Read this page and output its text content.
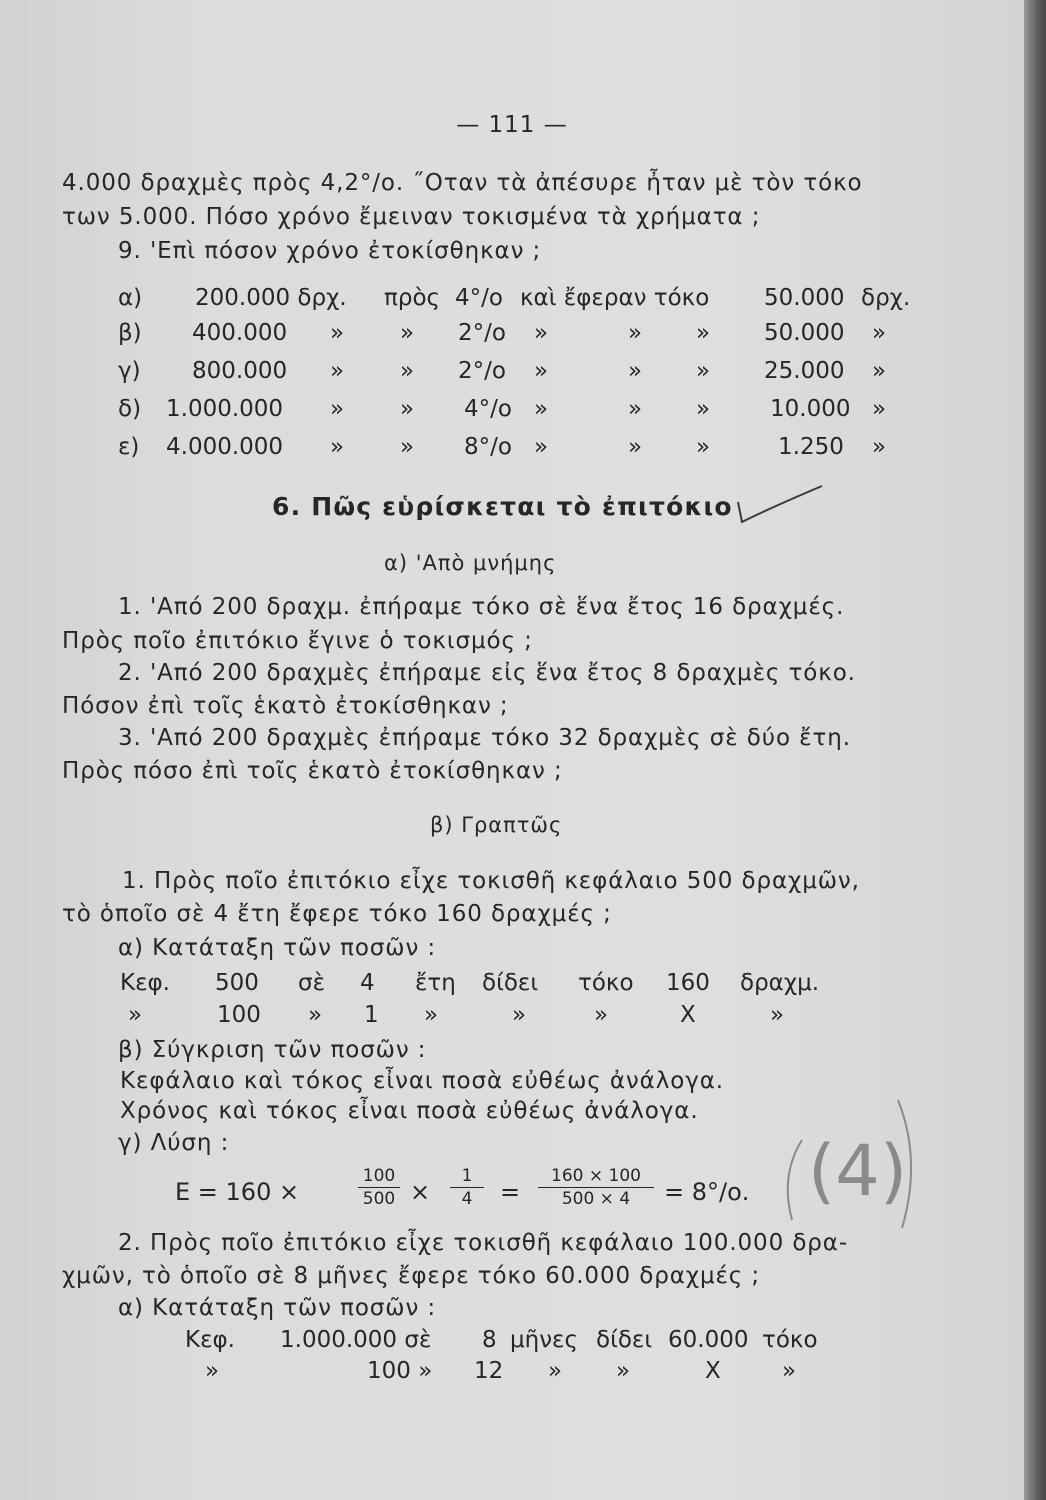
— 111 —
4.000 δραχμὲς πρὸς 4,2°/ο. ˝Οταν τὰ ἀπέσυρε ἦταν μὲ τὸν τόκο
των 5.000. Πόσο χρόνο ἔμειναν τοκισμένα τὰ χρήματα ;
9. 'Επὶ πόσον χρόνο ἐτοκίσθηκαν ;
α) 200.000 δρχ. πρὸς 4°/ο καὶ ἔφεραν τόκο 50.000 δρχ.
β) 400.000 » » 2°/ο »	» » 50.000 »
γ) 800.000 » » 2°/ο »	» » 25.000 »
δ) 1.000.000 » » 4°/ο »	» »	10.000 »
ε) 4.000.000 » » 8°/ο »	» »	1.250 »
6. Πῶς εὑρίσκεται τὸ ἐπιτόκιο
α) 'Απὸ μνήμης
1. 'Από 200 δραχμ. ἐπήραμε τόκο σὲ ἕνα ἔτος 16 δραχμές.
Πρὸς ποῖο ἐπιτόκιο ἔγινε ὁ τοκισμός ;
2. 'Από 200 δραχμὲς ἐπήραμε εἰς ἕνα ἔτος 8 δραχμὲς τόκο.
Πόσον ἐπὶ τοῖς ἑκατὸ ἐτοκίσθηκαν ;
3. 'Από 200 δραχμὲς ἐπήραμε τόκο 32 δραχμὲς σὲ δύο ἔτη.
Πρὸς πόσο ἐπὶ τοῖς ἑκατὸ ἐτοκίσθηκαν ;
β) Γραπτῶς
1. Πρὸς ποῖο ἐπιτόκιο εἶχε τοκισθῆ κεφάλαιο 500 δραχμῶν,
τὸ ὁποῖο σὲ 4 ἔτη ἔφερε τόκο 160 δραχμές ;
α) Κατάταξη τῶν ποσῶν :
Κεφ. 500 σὲ 4 ἔτη δίδει τόκο 160 δραχμ.
»	100 » 1 »	»	»	X	»
β) Σύγκριση τῶν ποσῶν :
Κεφάλαιο καὶ τόκος εἶναι ποσὰ εὐθέως ἀνάλογα.
Χρόνος καὶ τόκος εἶναι ποσὰ εὐθέως ἀνάλογα.
γ) Λύση :
Ε = 160 ×
100
500 ×
1
4	=
160 × 100
500 × 4	= 8°/ο. (4)
2. Πρὸς ποῖο ἐπιτόκιο εἶχε τοκισθῆ κεφάλαιο 100.000 δρα-
χμῶν, τὸ ὁποῖο σὲ 8 μῆνες ἔφερε τόκο 60.000 δραχμές ;
α) Κατάταξη τῶν ποσῶν :
Κεφ. 1.000.000 σὲ 8 μῆνες δίδει 60.000 τόκο
»	100 » 12 » »	X	»
